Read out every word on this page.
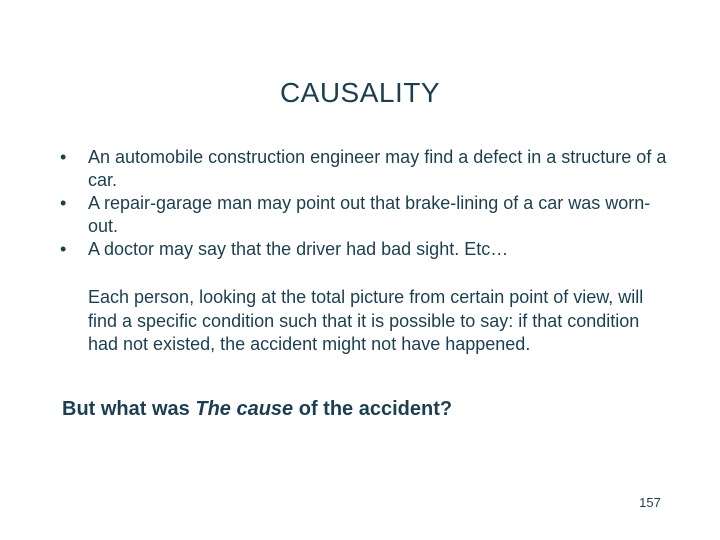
CAUSALITY
• An automobile construction engineer may find a defect in a structure of a car.
• A repair-garage man may point out that brake-lining of a car was worn-out.
• A doctor may say that the driver had bad sight. Etc…
Each person, looking at the total picture from certain point of view, will find a specific condition such that it is possible to say: if that condition had not existed, the accident might not have happened.
But what was The cause of the accident?
157
